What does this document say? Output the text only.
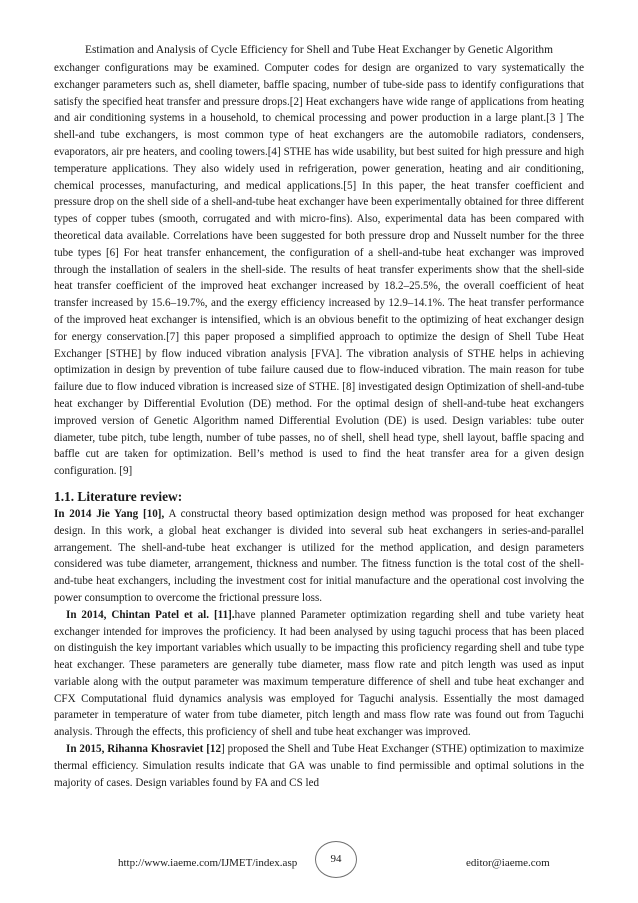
Estimation and Analysis of Cycle Efficiency for Shell and Tube Heat Exchanger by Genetic Algorithm

exchanger configurations may be examined. Computer codes for design are organized to vary systematically the exchanger parameters such as, shell diameter, baffle spacing, number of tube-side pass to identify configurations that satisfy the specified heat transfer and pressure drops.[2] Heat exchangers have wide range of applications from heating and air conditioning systems in a household, to chemical processing and power production in a large plant.[3 ] The shell-and tube exchangers, is most common type of heat exchangers are the automobile radiators, condensers, evaporators, air pre heaters, and cooling towers.[4] STHE has wide usability, but best suited for high pressure and high temperature applications. They also widely used in refrigeration, power generation, heating and air conditioning, chemical processes, manufacturing, and medical applications.[5] In this paper, the heat transfer coefficient and pressure drop on the shell side of a shell-and-tube heat exchanger have been experimentally obtained for three different types of copper tubes (smooth, corrugated and with micro-fins). Also, experimental data has been compared with theoretical data available. Correlations have been suggested for both pressure drop and Nusselt number for the three tube types [6] For heat transfer enhancement, the configuration of a shell-and-tube heat exchanger was improved through the installation of sealers in the shell-side. The results of heat transfer experiments show that the shell-side heat transfer coefficient of the improved heat exchanger increased by 18.2–25.5%, the overall coefficient of heat transfer increased by 15.6–19.7%, and the exergy efficiency increased by 12.9–14.1%. The heat transfer performance of the improved heat exchanger is intensified, which is an obvious benefit to the optimizing of heat exchanger design for energy conservation.[7] this paper proposed a simplified approach to optimize the design of Shell Tube Heat Exchanger [STHE] by flow induced vibration analysis [FVA]. The vibration analysis of STHE helps in achieving optimization in design by prevention of tube failure caused due to flow-induced vibration. The main reason for tube failure due to flow induced vibration is increased size of STHE. [8] investigated design Optimization of shell-and-tube heat exchanger by Differential Evolution (DE) method. For the optimal design of shell-and-tube heat exchangers improved version of Genetic Algorithm named Differential Evolution (DE) is used. Design variables: tube outer diameter, tube pitch, tube length, number of tube passes, no of shell, shell head type, shell layout, baffle spacing and baffle cut are taken for optimization. Bell’s method is used to find the heat transfer area for a given design configuration. [9]

1.1. Literature review:

In 2014 Jie Yang [10], A constructal theory based optimization design method was proposed for heat exchanger design. In this work, a global heat exchanger is divided into several sub heat exchangers in series-and-parallel arrangement. The shell-and-tube heat exchanger is utilized for the method application, and design parameters considered was tube diameter, arrangement, thickness and number. The fitness function is the total cost of the shell-and-tube heat exchangers, including the investment cost for initial manufacture and the operational cost involving the power consumption to overcome the frictional pressure loss.

In 2014, Chintan Patel et al. [11].have planned Parameter optimization regarding shell and tube variety heat exchanger intended for improves the proficiency. It had been analysed by using taguchi process that has been placed on distinguish the key important variables which usually to be impacting this proficiency regarding shell and tube type heat exchanger. These parameters are generally tube diameter, mass flow rate and pitch length was used as input variable along with the output parameter was maximum temperature difference of shell and tube heat exchanger and CFX Computational fluid dynamics analysis was employed for Taguchi analysis. Essentially the most damaged parameter in temperature of water from tube diameter, pitch length and mass flow rate was found out from Taguchi analysis. Through the effects, this proficiency of shell and tube heat exchanger was improved.

In 2015, Rihanna Khosraviet [12] proposed the Shell and Tube Heat Exchanger (STHE) optimization to maximize thermal efficiency. Simulation results indicate that GA was unable to find permissible and optimal solutions in the majority of cases. Design variables found by FA and CS led

http://www.iaeme.com/IJMET/index.asp	94	editor@iaeme.com
